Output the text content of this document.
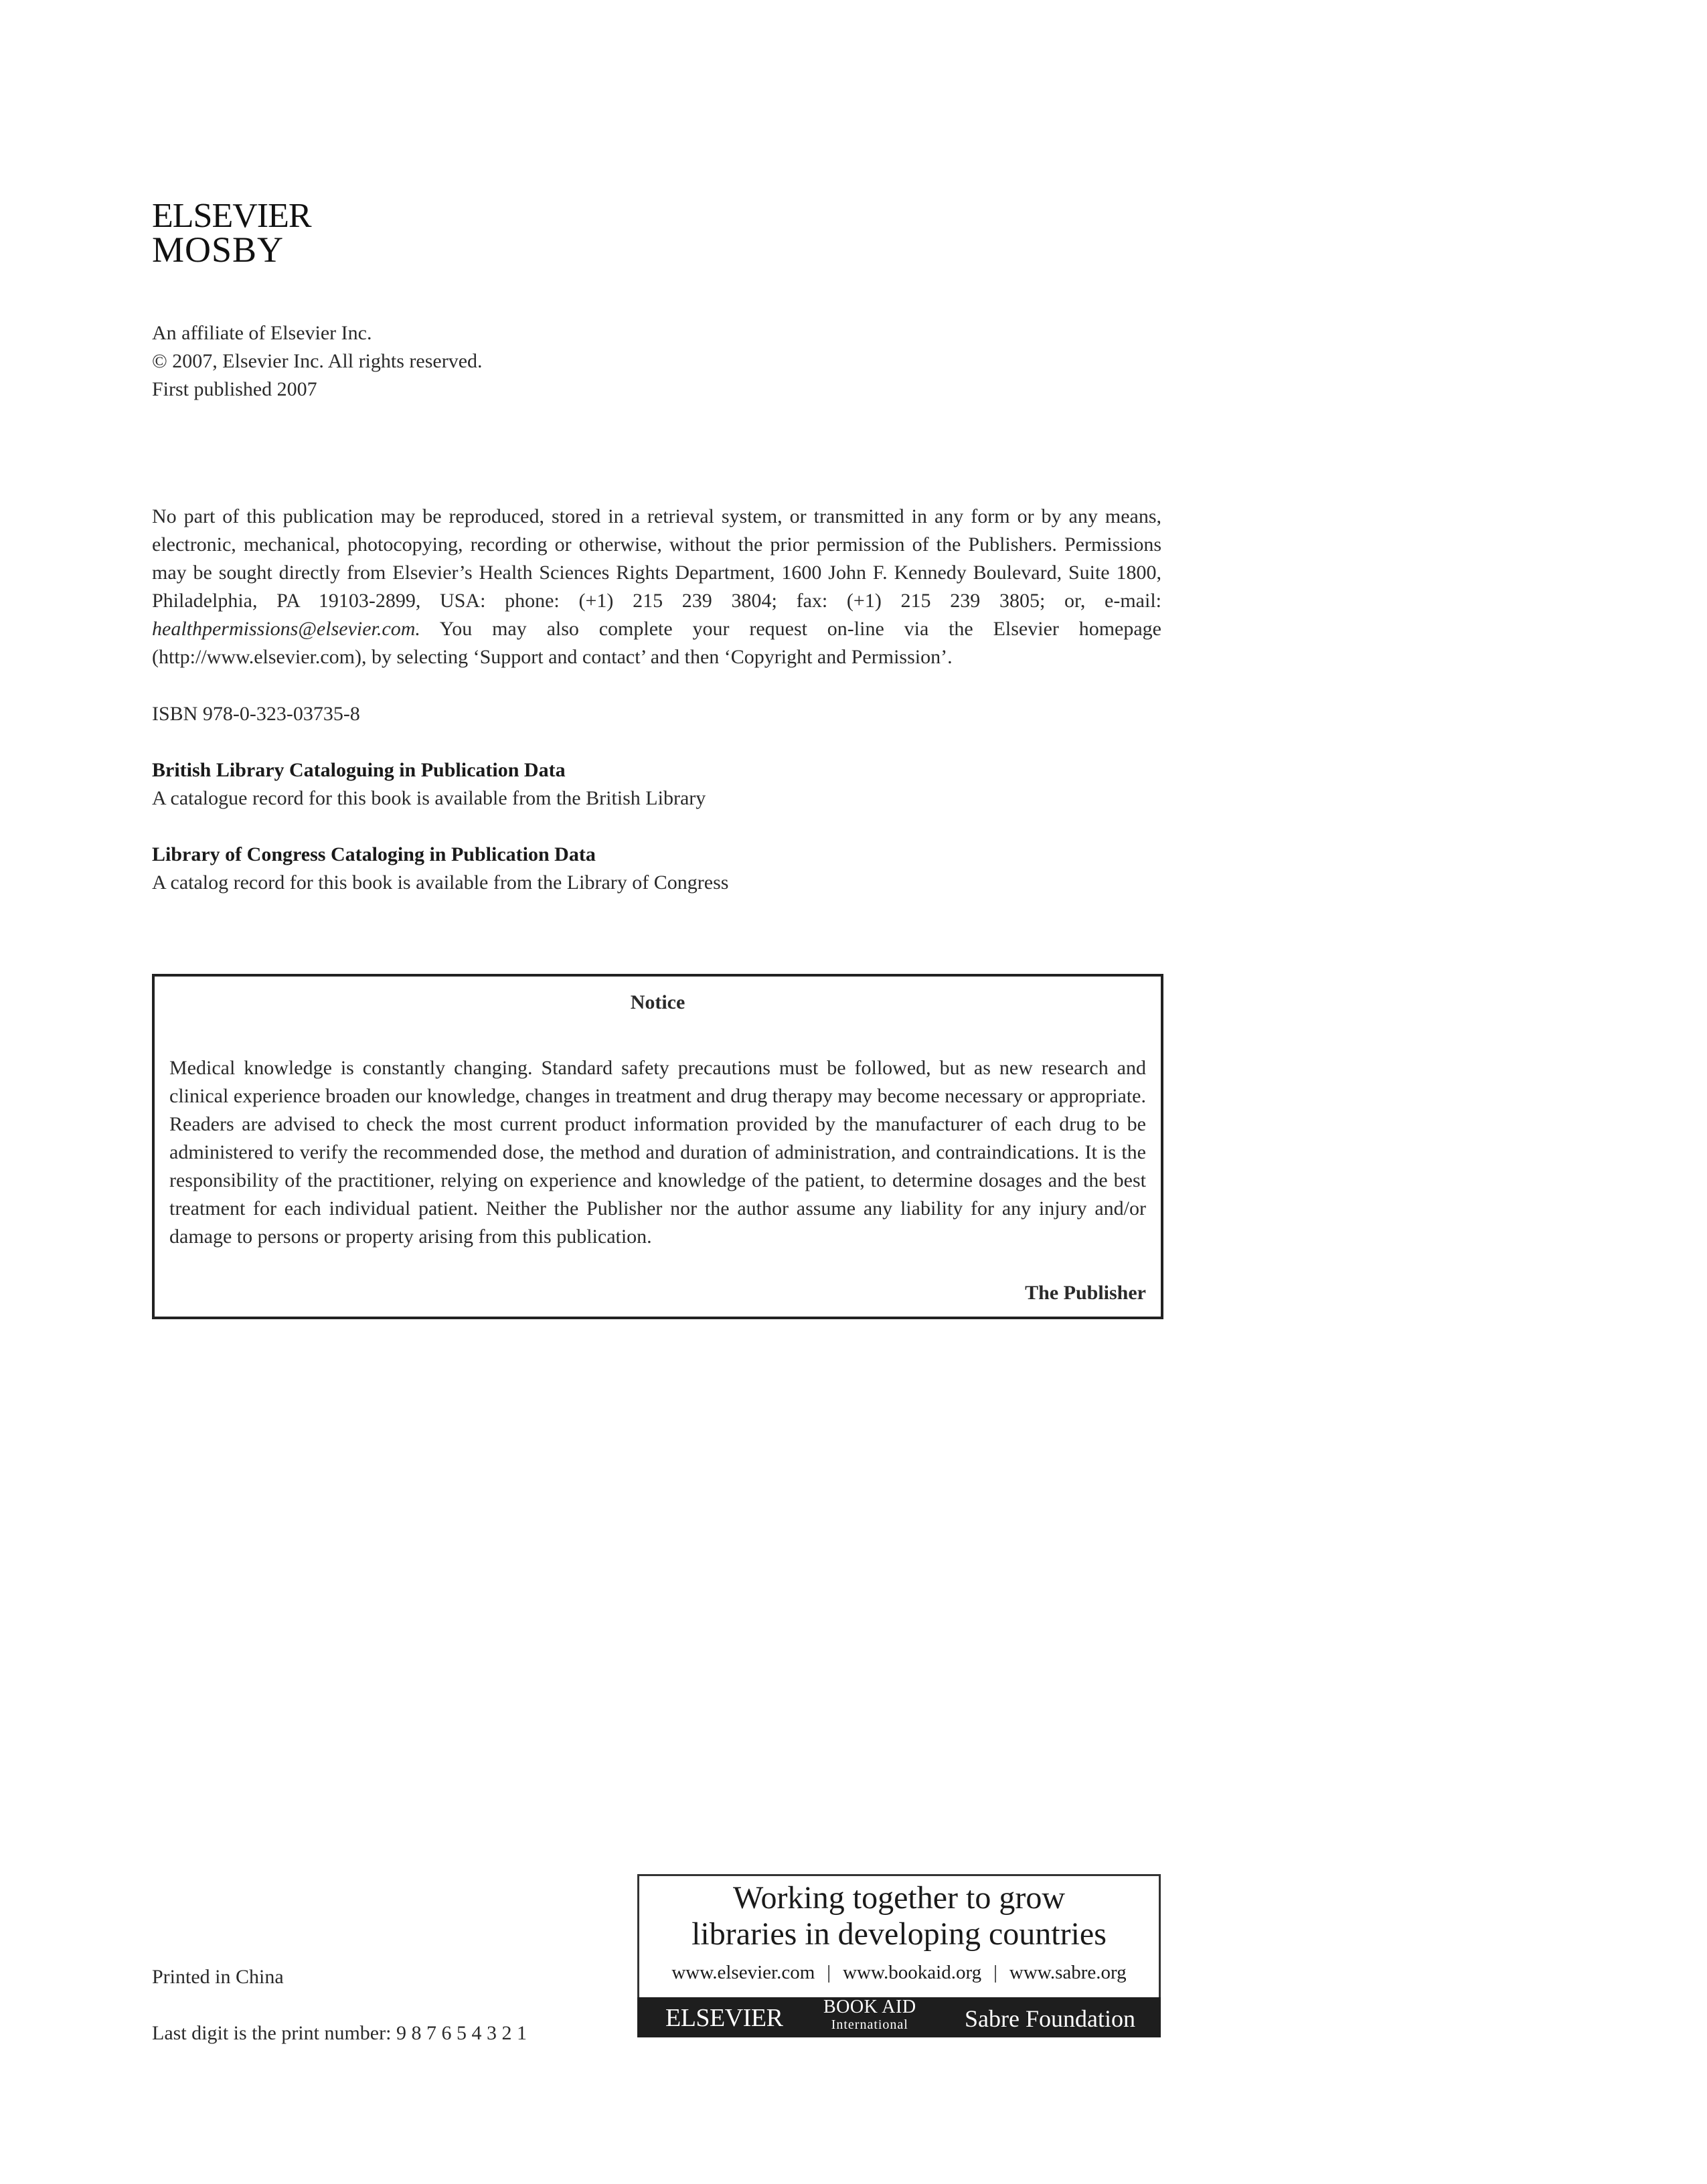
ELSEVIER
MOSBY
An affiliate of Elsevier Inc.
© 2007, Elsevier Inc. All rights reserved.
First published 2007
No part of this publication may be reproduced, stored in a retrieval system, or transmitted in any form or by any means, electronic, mechanical, photocopying, recording or otherwise, without the prior permission of the Publishers. Permissions may be sought directly from Elsevier’s Health Sciences Rights Department, 1600 John F. Kennedy Boulevard, Suite 1800, Philadelphia, PA 19103-2899, USA: phone: (+1) 215 239 3804; fax: (+1) 215 239 3805; or, e-mail: healthpermissions@elsevier.com. You may also complete your request on-line via the Elsevier homepage (http://www.elsevier.com), by selecting ‘Support and contact’ and then ‘Copyright and Permission’.
ISBN 978-0-323-03735-8
British Library Cataloguing in Publication Data
A catalogue record for this book is available from the British Library
Library of Congress Cataloging in Publication Data
A catalog record for this book is available from the Library of Congress
Notice
Medical knowledge is constantly changing. Standard safety precautions must be followed, but as new research and clinical experience broaden our knowledge, changes in treatment and drug therapy may become necessary or appropriate. Readers are advised to check the most current product information provided by the manufacturer of each drug to be administered to verify the recommended dose, the method and duration of administration, and contraindications. It is the responsibility of the practitioner, relying on experience and knowledge of the patient, to determine dosages and the best treatment for each individual patient. Neither the Publisher nor the author assume any liability for any injury and/or damage to persons or property arising from this publication.
The Publisher
Printed in China
Last digit is the print number: 9 8 7 6 5 4 3 2 1
Working together to grow
libraries in developing countries
www.elsevier.com | www.bookaid.org | www.sabre.org
ELSEVIER BOOK AID
International	Sabre Foundation
